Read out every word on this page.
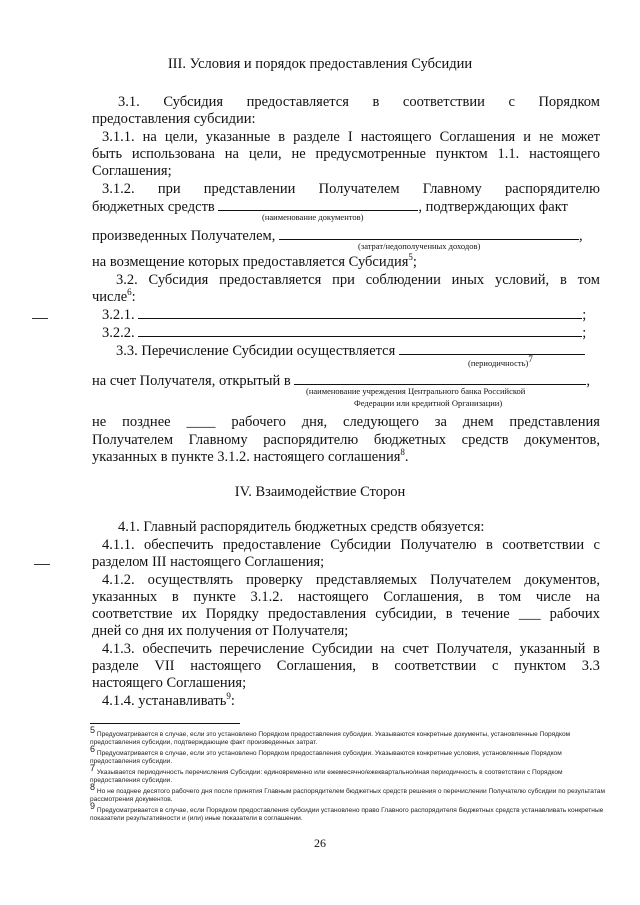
III. Условия и порядок предоставления Субсидии
3.1. Субсидия предоставляется в соответствии с Порядком
предоставления субсидии:
3.1.1. на цели, указанные в разделе I настоящего Соглашения и не может
быть использована на цели, не предусмотренные пунктом 1.1. настоящего
Соглашения;
3.1.2. при представлении Получателем Главному распорядителю
бюджетных средств	, подтверждающих факт
(наименование документов)
произведенных Получателем,	,
(затрат/недополученных доходов)
на возмещение которых предоставляется Субсидия$^5$;
3.2. Субсидия предоставляется при соблюдении иных условий, в том
числе$^6$:
3.2.1.	;
3.2.2.	;
3.3. Перечисление Субсидии осуществляется
(периодичность)$^7$
на счет Получателя, открытый в	,
(наименование учреждения Центрального банка Российской
Федерации или кредитной Организации)
не позднее ____ рабочего дня, следующего за днем представления
Получателем Главному распорядителю бюджетных средств документов,
указанных в пункте 3.1.2. настоящего соглашения$^8$.
IV. Взаимодействие Сторон
4.1. Главный распорядитель бюджетных средств обязуется:
4.1.1. обеспечить предоставление Субсидии Получателю в соответствии с
разделом III настоящего Соглашения;
4.1.2. осуществлять проверку представляемых Получателем документов,
указанных в пункте 3.1.2. настоящего Соглашения, в том числе на
соответствие их Порядку предоставления субсидии, в течение ___ рабочих
дней со дня их получения от Получателя;
4.1.3. обеспечить перечисление Субсидии на счет Получателя, указанный в
разделе VII настоящего Соглашения, в соответствии с пунктом 3.3
настоящего Соглашения;
4.1.4. устанавливать$^9$:
$^5$ Предусматривается в случае, если это установлено Порядком предоставления субсидии. Указываются конкретные документы, установленные Порядком предоставления субсидии, подтверждающие факт произведенных затрат.
$^6$ Предусматривается в случае, если это установлено Порядком предоставления субсидии. Указываются конкретные условия, установленные Порядком предоставления субсидии.
$^7$ Указывается периодичность перечисления Субсидии: единовременно или ежемесячно/ежеквартально/иная периодичность в соответствии с Порядком предоставления субсидии.
$^8$ Но не позднее десятого рабочего дня после принятия Главным распорядителем бюджетных средств решения о перечислении Получателю субсидии по результатам рассмотрения документов.
$^9$ Предусматривается в случае, если Порядком предоставления субсидии установлено право Главного распорядителя бюджетных средств устанавливать конкретные показатели результативности и (или) иные показатели в соглашении.
26
